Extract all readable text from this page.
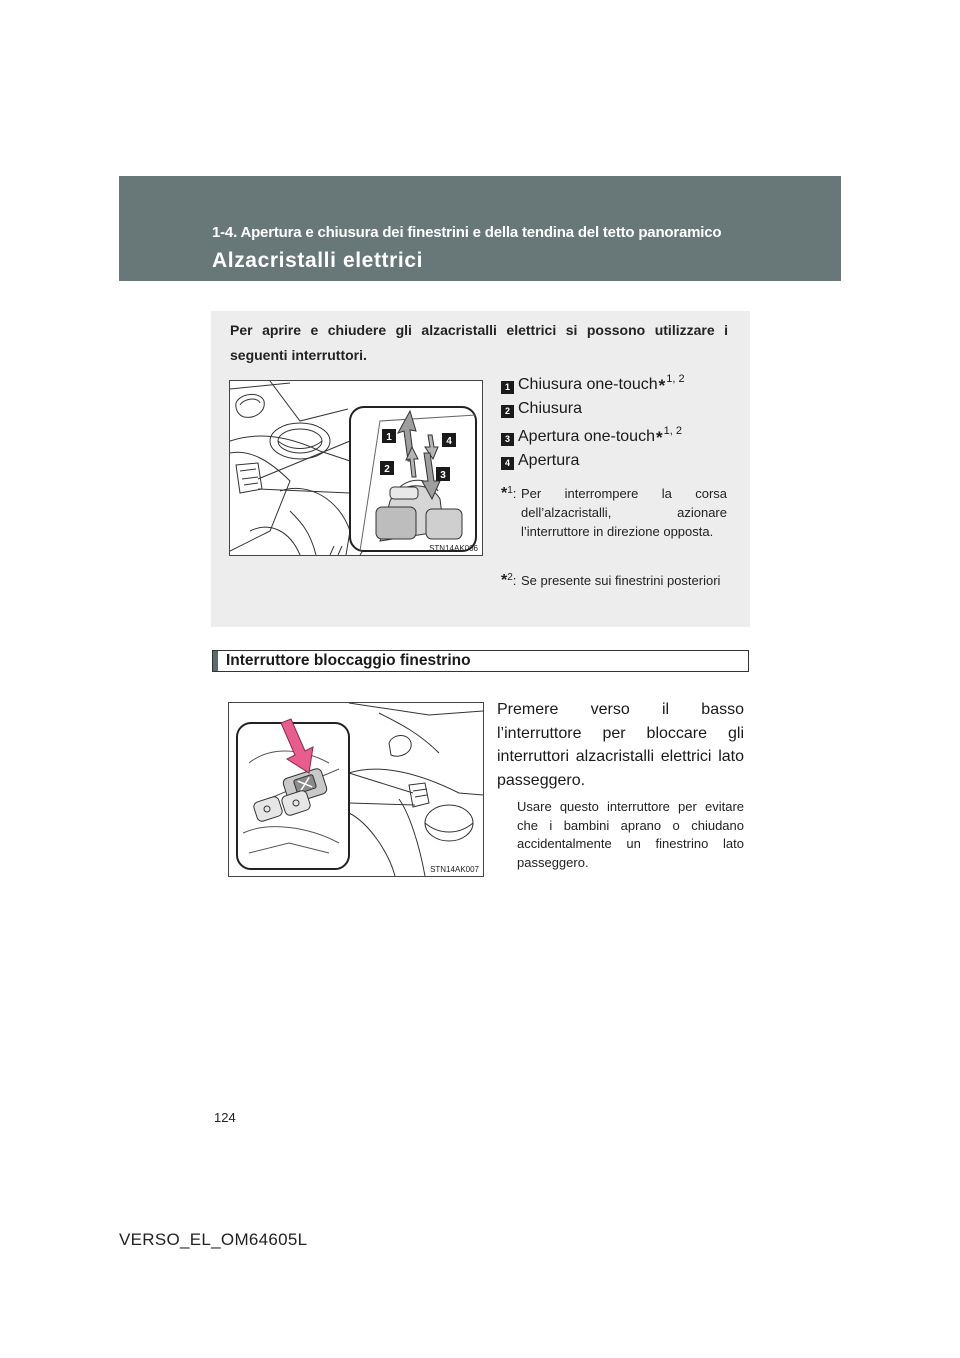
1-4. Apertura e chiusura dei finestrini e della tendina del tetto panoramico
Alzacristalli elettrici
Per aprire e chiudere gli alzacristalli elettrici si possono utilizzare i seguenti interruttori.
1
2
3
4
STN14AK006
1 Chiusura one-touch * 1, 2
2 Chiusura
3 Apertura one-touch * 1, 2
4 Apertura
*$^1$: Per interrompere la corsa dell’alzacristalli, azionare l’interruttore in direzione opposta.
*$^2$: Se presente sui finestrini posteriori
Interruttore bloccaggio finestrino
STN14AK007
Premere verso il basso l’interruttore per bloccare gli interruttori alzacristalli elettrici lato passeggero.
Usare questo interruttore per evitare che i bambini aprano o chiudano accidentalmente un finestrino lato passeggero.
124
VERSO_EL_OM64605L
